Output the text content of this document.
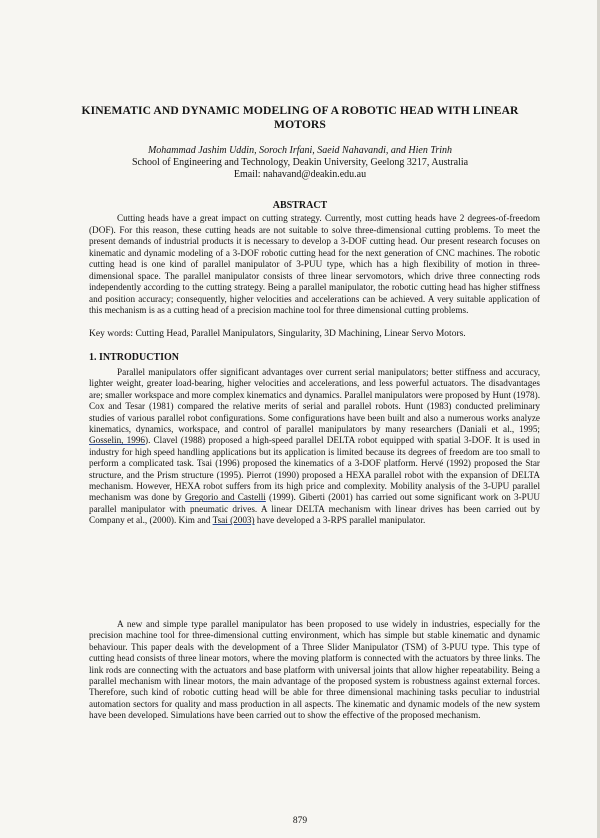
KINEMATIC AND DYNAMIC MODELING OF A ROBOTIC HEAD WITH LINEAR MOTORS
Mohammad Jashim Uddin, Soroch Irfani, Saeid Nahavandi, and Hien Trinh
School of Engineering and Technology, Deakin University, Geelong 3217, Australia
Email: nahavand@deakin.edu.au
ABSTRACT
Cutting heads have a great impact on cutting strategy. Currently, most cutting heads have 2 degrees-of-freedom (DOF). For this reason, these cutting heads are not suitable to solve three-dimensional cutting problems. To meet the present demands of industrial products it is necessary to develop a 3-DOF cutting head. Our present research focuses on kinematic and dynamic modeling of a 3-DOF robotic cutting head for the next generation of CNC machines. The robotic cutting head is one kind of parallel manipulator of 3-PUU type, which has a high flexibility of motion in three-dimensional space. The parallel manipulator consists of three linear servomotors, which drive three connecting rods independently according to the cutting strategy. Being a parallel manipulator, the robotic cutting head has higher stiffness and position accuracy; consequently, higher velocities and accelerations can be achieved. A very suitable application of this mechanism is as a cutting head of a precision machine tool for three dimensional cutting problems.
Key words: Cutting Head, Parallel Manipulators, Singularity, 3D Machining, Linear Servo Motors.
1. INTRODUCTION
Parallel manipulators offer significant advantages over current serial manipulators; better stiffness and accuracy, lighter weight, greater load-bearing, higher velocities and accelerations, and less powerful actuators. The disadvantages are; smaller workspace and more complex kinematics and dynamics. Parallel manipulators were proposed by Hunt (1978). Cox and Tesar (1981) compared the relative merits of serial and parallel robots. Hunt (1983) conducted preliminary studies of various parallel robot configurations. Some configurations have been built and also a numerous works analyze kinematics, dynamics, workspace, and control of parallel manipulators by many researchers (Daniali et al., 1995; Gosselin, 1996). Clavel (1988) proposed a high-speed parallel DELTA robot equipped with spatial 3-DOF. It is used in industry for high speed handling applications but its application is limited because its degrees of freedom are too small to perform a complicated task. Tsai (1996) proposed the kinematics of a 3-DOF platform. Hervé (1992) proposed the Star structure, and the Prism structure (1995). Pierrot (1990) proposed a HEXA parallel robot with the expansion of DELTA mechanism. However, HEXA robot suffers from its high price and complexity. Mobility analysis of the 3-UPU parallel mechanism was done by Gregorio and Castelli (1999). Giberti (2001) has carried out some significant work on 3-PUU parallel manipulator with pneumatic drives. A linear DELTA mechanism with linear drives has been carried out by Company et al., (2000). Kim and Tsai (2003) have developed a 3-RPS parallel manipulator.
A new and simple type parallel manipulator has been proposed to use widely in industries, especially for the precision machine tool for three-dimensional cutting environment, which has simple but stable kinematic and dynamic behaviour. This paper deals with the development of a Three Slider Manipulator (TSM) of 3-PUU type. This type of cutting head consists of three linear motors, where the moving platform is connected with the actuators by three links. The link rods are connecting with the actuators and base platform with universal joints that allow higher repeatability. Being a parallel mechanism with linear motors, the main advantage of the proposed system is robustness against external forces. Therefore, such kind of robotic cutting head will be able for three dimensional machining tasks peculiar to industrial automation sectors for quality and mass production in all aspects. The kinematic and dynamic models of the new system have been developed. Simulations have been carried out to show the effective of the proposed mechanism.
879
